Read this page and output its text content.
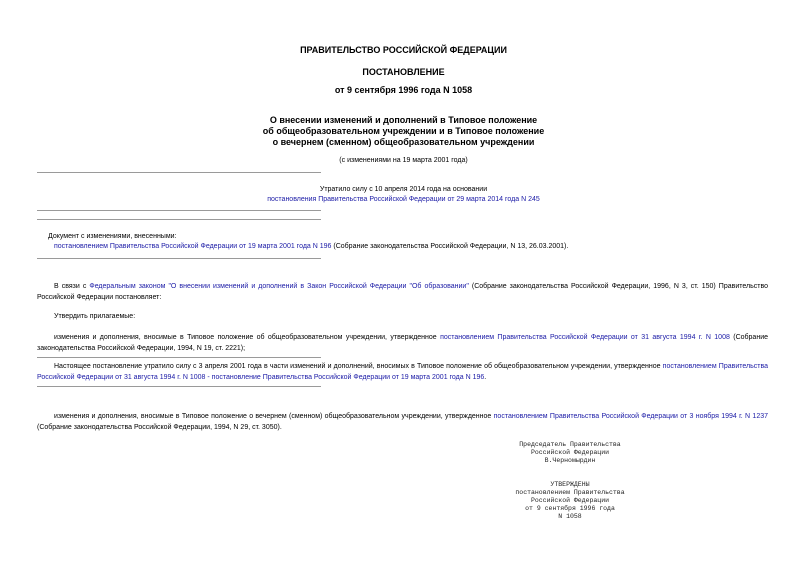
ПРАВИТЕЛЬСТВО РОССИЙСКОЙ ФЕДЕРАЦИИ
ПОСТАНОВЛЕНИЕ
от 9 сентября 1996 года N 1058
О внесении изменений и дополнений в Типовое положение
об общеобразовательном учреждении и в Типовое положение
о вечернем (сменном) общеобразовательном учреждении
(с изменениями на 19 марта 2001 года)
Утратило силу с 10 апреля 2014 года на основании
постановления Правительства Российской Федерации от 29 марта 2014 года N 245
Документ с изменениями, внесенными:
постановлением Правительства Российской Федерации от 19 марта 2001 года N 196 (Собрание законодательства Российской Федерации, N 13, 26.03.2001).
В связи с Федеральным законом "О внесении изменений и дополнений в Закон Российской Федерации "Об образовании" (Собрание законодательства Российской Федерации, 1996, N 3, ст. 150) Правительство Российской Федерации постановляет:
Утвердить прилагаемые:
изменения и дополнения, вносимые в Типовое положение об общеобразовательном учреждении, утвержденное постановлением Правительства Российской Федерации от 31 августа 1994 г. N 1008 (Собрание законодательства Российской Федерации, 1994, N 19, ст. 2221);
Настоящее постановление утратило силу с 3 апреля 2001 года в части изменений и дополнений, вносимых в Типовое положение об общеобразовательном учреждении, утвержденное постановлением Правительства Российской Федерации от 31 августа 1994 г. N 1008 - постановление Правительства Российской Федерации от 19 марта 2001 года N 196.
изменения и дополнения, вносимые в Типовое положение о вечернем (сменном) общеобразовательном учреждении, утвержденное постановлением Правительства Российской Федерации от 3 ноября 1994 г. N 1237 (Собрание законодательства Российской Федерации, 1994, N 29, ст. 3050).
Председатель Правительства
Российской Федерации
В.Черномырдин
УТВЕРЖДЕНЫ
постановлением Правительства
Российской Федерации
от 9 сентября 1996 года
N 1058
